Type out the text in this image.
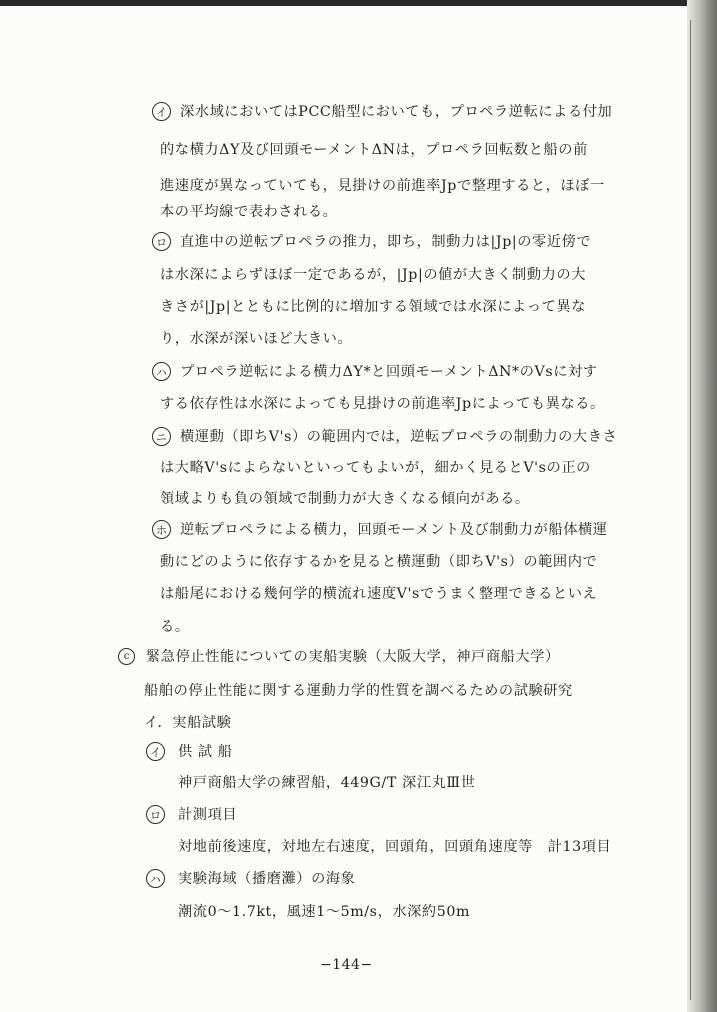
イ 深水域においてはPCC船型においても，プロペラ逆転による付加
的な横力ΔY及び回頭モーメントΔNは，プロペラ回転数と船の前
進速度が異なっていても，見掛けの前進率Jpで整理すると，ほぼ一
本の平均線で表わされる。
ロ 直進中の逆転プロペラの推力，即ち，制動力は|Jp|の零近傍で
は水深によらずほぼ一定であるが，|Jp|の値が大きく制動力の大
きさが|Jp|とともに比例的に増加する領域では水深によって異な
り，水深が深いほど大きい。
ハ プロペラ逆転による横力ΔY*と回頭モーメントΔN*のVsに対す
する依存性は水深によっても見掛けの前進率Jpによっても異なる。
ニ 横運動（即ちV's）の範囲内では，逆転プロペラの制動力の大きさ
は大略V'sによらないといってもよいが，細かく見るとV'sの正の
領域よりも負の領域で制動力が大きくなる傾向がある。
ホ 逆転プロペラによる横力，回頭モーメント及び制動力が船体横運
動にどのように依存するかを見ると横運動（即ちV's）の範囲内で
は船尾における幾何学的横流れ速度V'sでうまく整理できるといえ
る。
c	緊急停止性能についての実船実験（大阪大学，神戸商船大学）
船舶の停止性能に関する運動力学的性質を調べるための試験研究
イ．実船試験
イ 供 試 船
神戸商船大学の練習船，449G/T 深江丸Ⅲ世
ロ 計測項目
対地前後速度，対地左右速度，回頭角，回頭角速度等　計13項目
ハ 実験海域（播磨灘）の海象
潮流0～1.7kt，風速1～5m/s，水深約50m
−144−
